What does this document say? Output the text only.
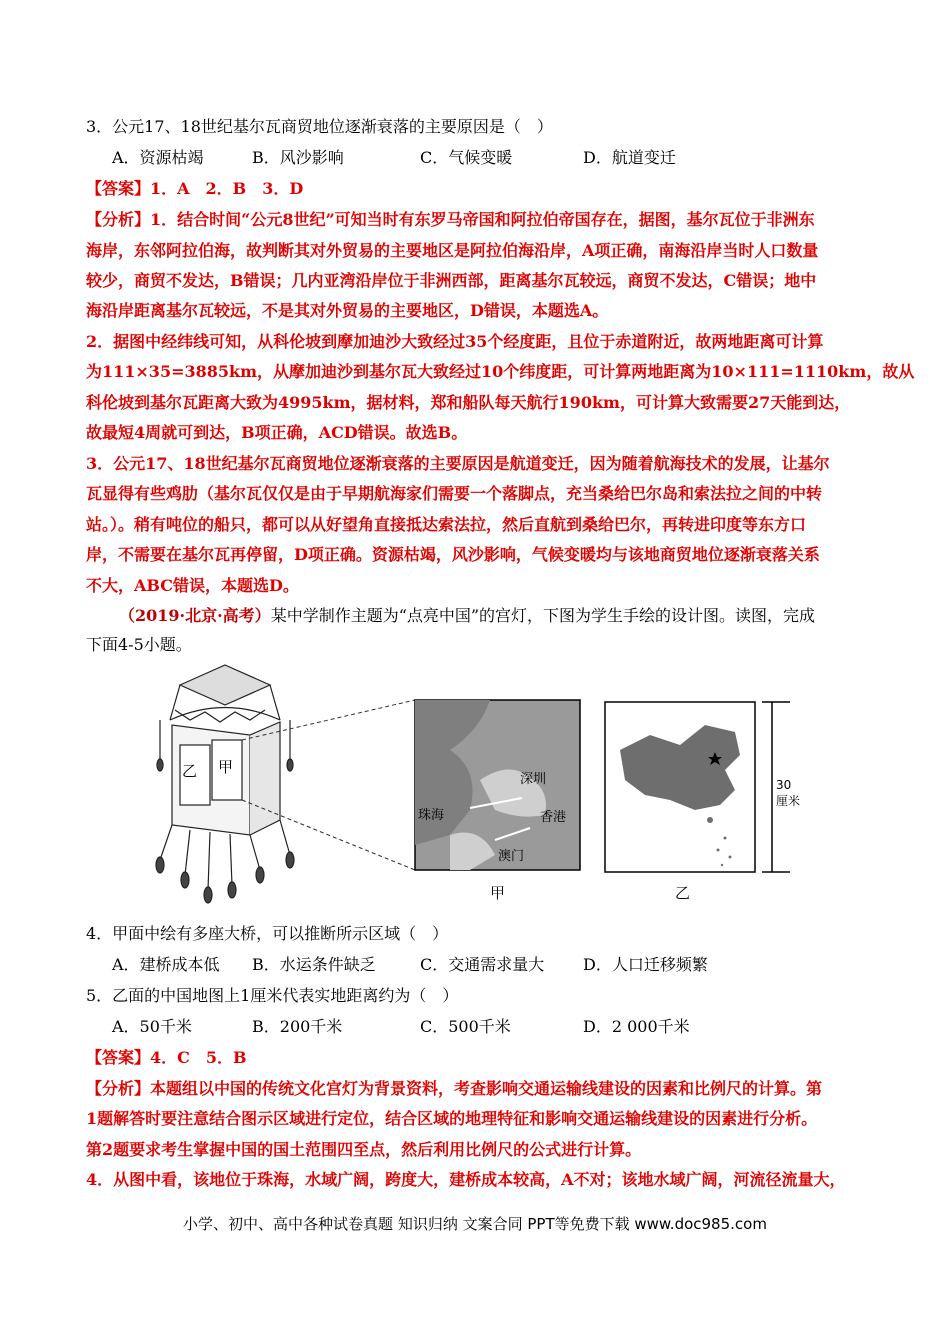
3．公元17、18世纪基尔瓦商贸地位逐渐衰落的主要原因是（　）
A．资源枯竭	B．风沙影响	C．气候变暖	D．航道变迁
【答案】1．A　2．B　3．D
【分析】1．结合时间“公元8世纪”可知当时有东罗马帝国和阿拉伯帝国存在，据图，基尔瓦位于非洲东
海岸，东邻阿拉伯海，故判断其对外贸易的主要地区是阿拉伯海沿岸，A项正确，南海沿岸当时人口数量
较少，商贸不发达，B错误；几内亚湾沿岸位于非洲西部，距离基尔瓦较远，商贸不发达，C错误；地中
海沿岸距离基尔瓦较远，不是其对外贸易的主要地区，D错误，本题选A。
2．据图中经纬线可知，从科伦坡到摩加迪沙大致经过35个经度距，且位于赤道附近，故两地距离可计算
为111×35=3885km，从摩加迪沙到基尔瓦大致经过10个纬度距，可计算两地距离为10×111=1110km，故从
科伦坡到基尔瓦距离大致为4995km，据材料，郑和船队每天航行190km，可计算大致需要27天能到达，
故最短4周就可到达，B项正确，ACD错误。故选B。
3．公元17、18世纪基尔瓦商贸地位逐渐衰落的主要原因是航道变迁，因为随着航海技术的发展，让基尔
瓦显得有些鸡肋（基尔瓦仅仅是由于早期航海家们需要一个落脚点，充当桑给巴尔岛和索法拉之间的中转
站。）。稍有吨位的船只，都可以从好望角直接抵达索法拉，然后直航到桑给巴尔，再转进印度等东方口
岸，不需要在基尔瓦再停留，D项正确。资源枯竭，风沙影响，气候变暖均与该地商贸地位逐渐衰落关系
不大，ABC错误，本题选D。
（2019·北京·高考）某中学制作主题为“点亮中国”的宫灯，下图为学生手绘的设计图。读图，完成
下面4-5小题。
乙 甲
深圳
珠海	香港
澳门
30厘米
甲	乙
4．甲面中绘有多座大桥，可以推断所示区域（　）
A．建桥成本低 B．水运条件缺乏	C．交通需求量大 D．人口迁移频繁
5．乙面的中国地图上1厘米代表实地距离约为（　）
A．50千米	B．200千米	C．500千米	D．2 000千米
【答案】4．C　5．B
【分析】本题组以中国的传统文化宫灯为背景资料，考查影响交通运输线建设的因素和比例尺的计算。第
1题解答时要注意结合图示区域进行定位，结合区域的地理特征和影响交通运输线建设的因素进行分析。
第2题要求考生掌握中国的国土范围四至点，然后利用比例尺的公式进行计算。
4．从图中看，该地位于珠海，水域广阔，跨度大，建桥成本较高，A不对；该地水域广阔，河流径流量大，
小学、初中、高中各种试卷真题 知识归纳 文案合同 PPT等免费下载 www.doc985.com
